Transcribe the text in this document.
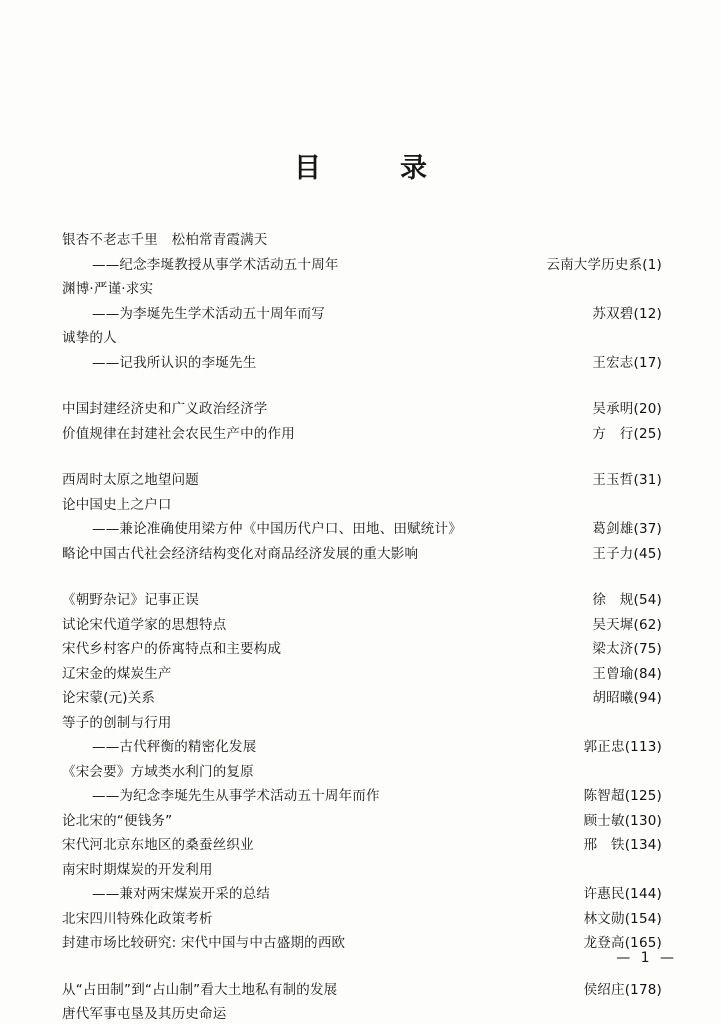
目　录
银杏不老志千里　松柏常青霞满天
——纪念李埏教授从事学术活动五十周年 ·····	云南大学历史系(1)
渊博·严谨·求实
——为李埏先生学术活动五十周年而写 ·····	苏双碧(12)
诚挚的人
——记我所认识的李埏先生 ·····	王宏志(17)
中国封建经济史和广义政治经济学 ·····	吴承明(20)
价值规律在封建社会农民生产中的作用 ·····	方　行(25)
西周时太原之地望问题 ·····	王玉哲(31)
论中国史上之户口
——兼论准确使用梁方仲《中国历代户口、田地、田赋统计》 ·····	葛剑雄(37)
略论中国古代社会经济结构变化对商品经济发展的重大影响 ·····	王子力(45)
《朝野杂记》记事正误 ·····	徐　规(54)
试论宋代道学家的思想特点 ·····	吴天墀(62)
宋代乡村客户的侨寓特点和主要构成 ·····	梁太济(75)
辽宋金的煤炭生产 ·····	王曾瑜(84)
论宋蒙(元)关系 ·····	胡昭曦(94)
等子的创制与行用
——古代秤衡的精密化发展 ·····	郭正忠(113)
《宋会要》方域类水利门的复原
——为纪念李埏先生从事学术活动五十周年而作 ·····	陈智超(125)
论北宋的“便钱务” ·····	顾士敏(130)
宋代河北京东地区的桑蚕丝织业 ·····	邢　铁(134)
南宋时期煤炭的开发利用
——兼对两宋煤炭开采的总结 ·····	许惠民(144)
北宋四川特殊化政策考析 ·····	林文勋(154)
封建市场比较研究: 宋代中国与中古盛期的西欧 ·····	龙登高(165)
从“占田制”到“占山制”看大土地私有制的发展 ·····	侯绍庄(178)
唐代军事屯垦及其历史命运
— 1 —
